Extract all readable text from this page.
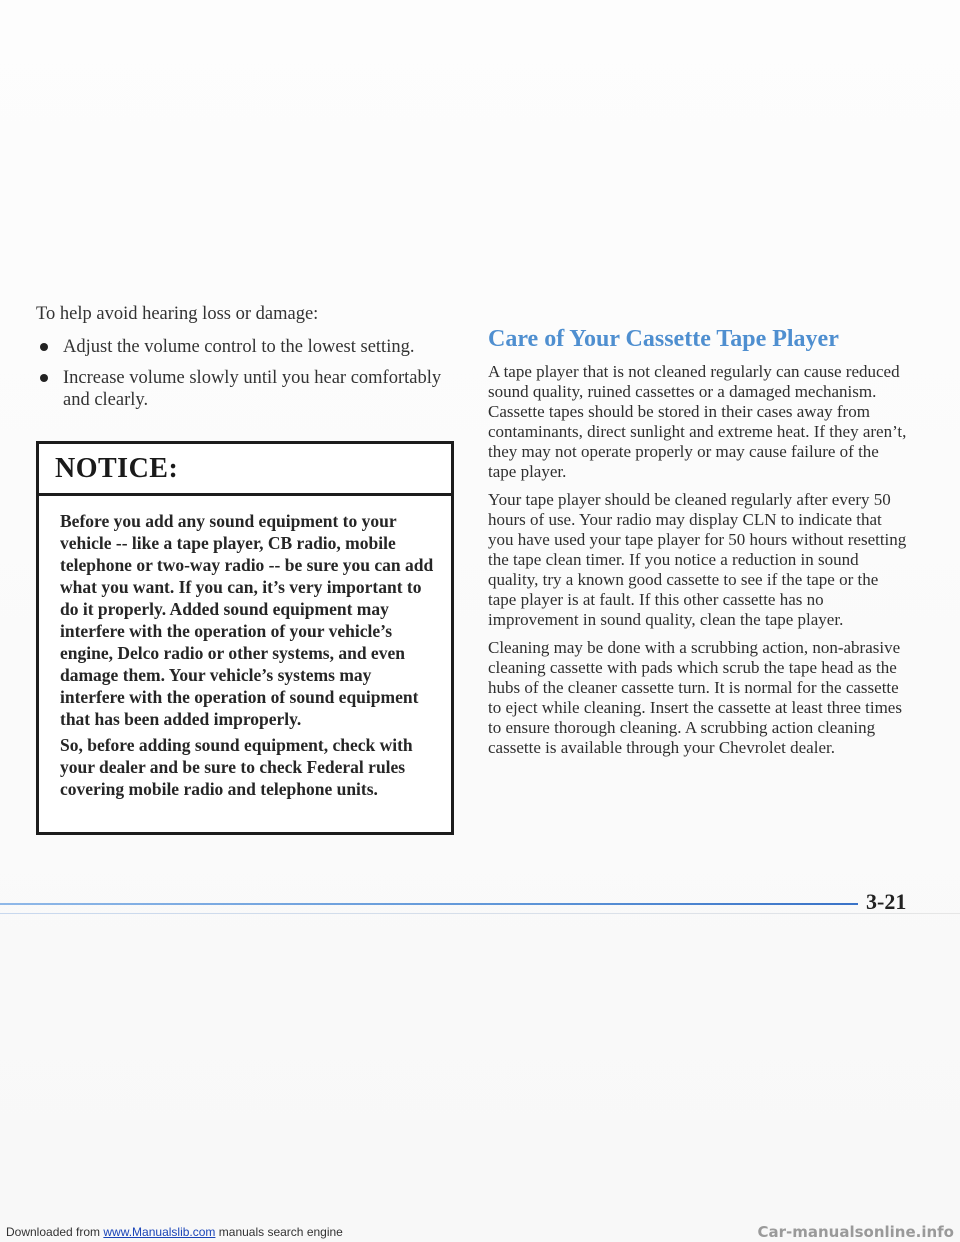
To help avoid hearing loss or damage:

Adjust the volume control to the lowest setting.
Increase volume slowly until you hear comfortably and clearly.
NOTICE:

Before you add any sound equipment to your vehicle -- like a tape player, CB radio, mobile telephone or two-way radio -- be sure you can add what you want. If you can, it’s very important to do it properly. Added sound equipment may interfere with the operation of your vehicle’s engine, Delco radio or other systems, and even damage them. Your vehicle’s systems may interfere with the operation of sound equipment that has been added improperly.

So, before adding sound equipment, check with your dealer and be sure to check Federal rules covering mobile radio and telephone units.

Care of Your Cassette Tape Player

A tape player that is not cleaned regularly can cause reduced sound quality, ruined cassettes or a damaged mechanism. Cassette tapes should be stored in their cases away from contaminants, direct sunlight and extreme heat. If they aren’t, they may not operate properly or may cause failure of the tape player.

Your tape player should be cleaned regularly after every 50 hours of use. Your radio may display CLN to indicate that you have used your tape player for 50 hours without resetting the tape clean timer. If you notice a reduction in sound quality, try a known good cassette to see if the tape or the tape player is at fault. If this other cassette has no improvement in sound quality, clean the tape player.

Cleaning may be done with a scrubbing action, non-abrasive cleaning cassette with pads which scrub the tape head as the hubs of the cleaner cassette turn. It is normal for the cassette to eject while cleaning. Insert the cassette at least three times to ensure thorough cleaning. A scrubbing action cleaning cassette is available through your Chevrolet dealer.

3-21
Downloaded from www.Manualslib.com manuals search engine	Car-manualsonline.info
